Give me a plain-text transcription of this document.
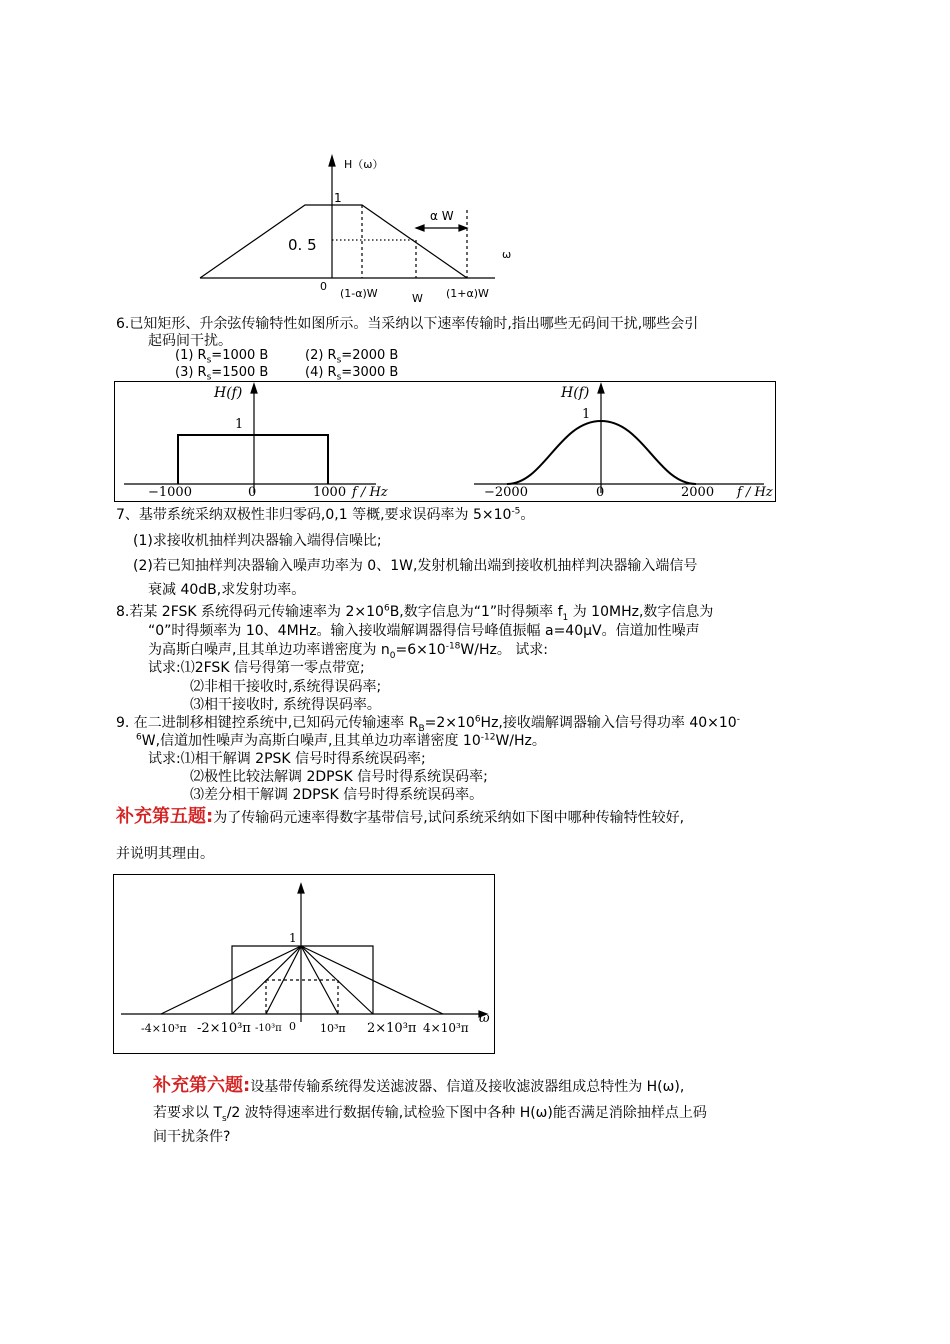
H（ω）
1
0. 5
α W
ω
0
(1-α)W	W (1+α)W
6.已知矩形、升余弦传输特性如图所示。当采纳以下速率传输时,指出哪些无码间干扰,哪些会引
起码间干扰。
(1) $R_s=1000$ B	(2) $R_s=2000$ B
(3) $R_s=1500$ B	(4) $R_s=3000$ B
H(f)
1
−1000	0	1000 f / Hz
H(f)
1
−2000	0	2000 f / Hz
7、基带系统采纳双极性非归零码,0,1 等概,要求误码率为 $5\times 10^{-5}$。
(1)求接收机抽样判决器输入端得信噪比;
(2)若已知抽样判决器输入噪声功率为 0、1W,发射机输出端到接收机抽样判决器输入端信号
衰减 40dB,求发射功率。
8.若某 2FSK 系统得码元传输速率为 $2\times 10^6B$,数字信息为“1”时得频率 $f_1$ 为 10MHz,数字信息为
“0”时得频率为 10、4MHz。输入接收端解调器得信号峰值振幅 a=40μV。信道加性噪声
为高斯白噪声,且其单边功率谱密度为 $n_0=6\times 10^{-18}W/Hz$。 试求:
试求:⑴2FSK 信号得第一零点带宽;
⑵非相干接收时,系统得误码率;
⑶相干接收时, 系统得误码率。
9. 在二进制移相键控系统中,已知码元传输速率 $R_B=2\times 10^6Hz$,接收端解调器输入信号得功率 40×10-
$^6$W,信道加性噪声为高斯白噪声,且其单边功率谱密度 $10^{-12}W/Hz$。
试求:⑴相干解调 2PSK 信号时得系统误码率;
⑵极性比较法解调 2DPSK 信号时得系统误码率;
⑶差分相干解调 2DPSK 信号时得系统误码率。
补充第五题:为了传输码元速率得数字基带信号,试问系统采纳如下图中哪种传输特性较好,
并说明其理由。
1
ω
-4×10³π -2×10³π -10³π 0 10³π 2×10³π 4×10³π
补充第六题:设基带传输系统得发送滤波器、信道及接收滤波器组成总特性为 H(ω),
若要求以 $T_s/2$ 波特得速率进行数据传输,试检验下图中各种 H(ω)能否满足消除抽样点上码
间干扰条件?
